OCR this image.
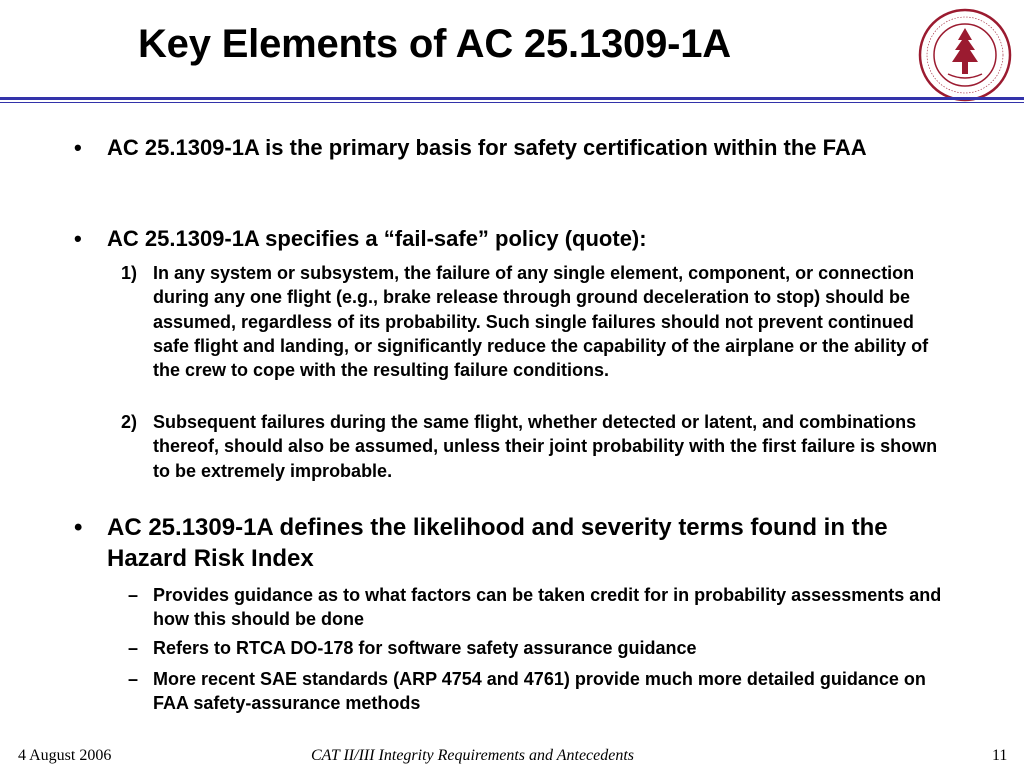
Key Elements of AC 25.1309-1A
• AC 25.1309-1A is the primary basis for safety certification within the FAA
• AC 25.1309-1A specifies a “fail-safe” policy (quote):
1) In any system or subsystem, the failure of any single element, component, or connection during any one flight (e.g., brake release through ground deceleration to stop) should be assumed, regardless of its probability. Such single failures should not prevent continued safe flight and landing, or significantly reduce the capability of the airplane or the ability of the crew to cope with the resulting failure conditions.
2) Subsequent failures during the same flight, whether detected or latent, and combinations thereof, should also be assumed, unless their joint probability with the first failure is shown to be extremely improbable.
• AC 25.1309-1A defines the likelihood and severity terms found in the Hazard Risk Index
– Provides guidance as to what factors can be taken credit for in probability assessments and how this should be done
– Refers to RTCA DO-178 for software safety assurance guidance
– More recent SAE standards (ARP 4754 and 4761) provide much more detailed guidance on FAA safety-assurance methods
4 August 2006	CAT II/III Integrity Requirements and Antecedents	11
